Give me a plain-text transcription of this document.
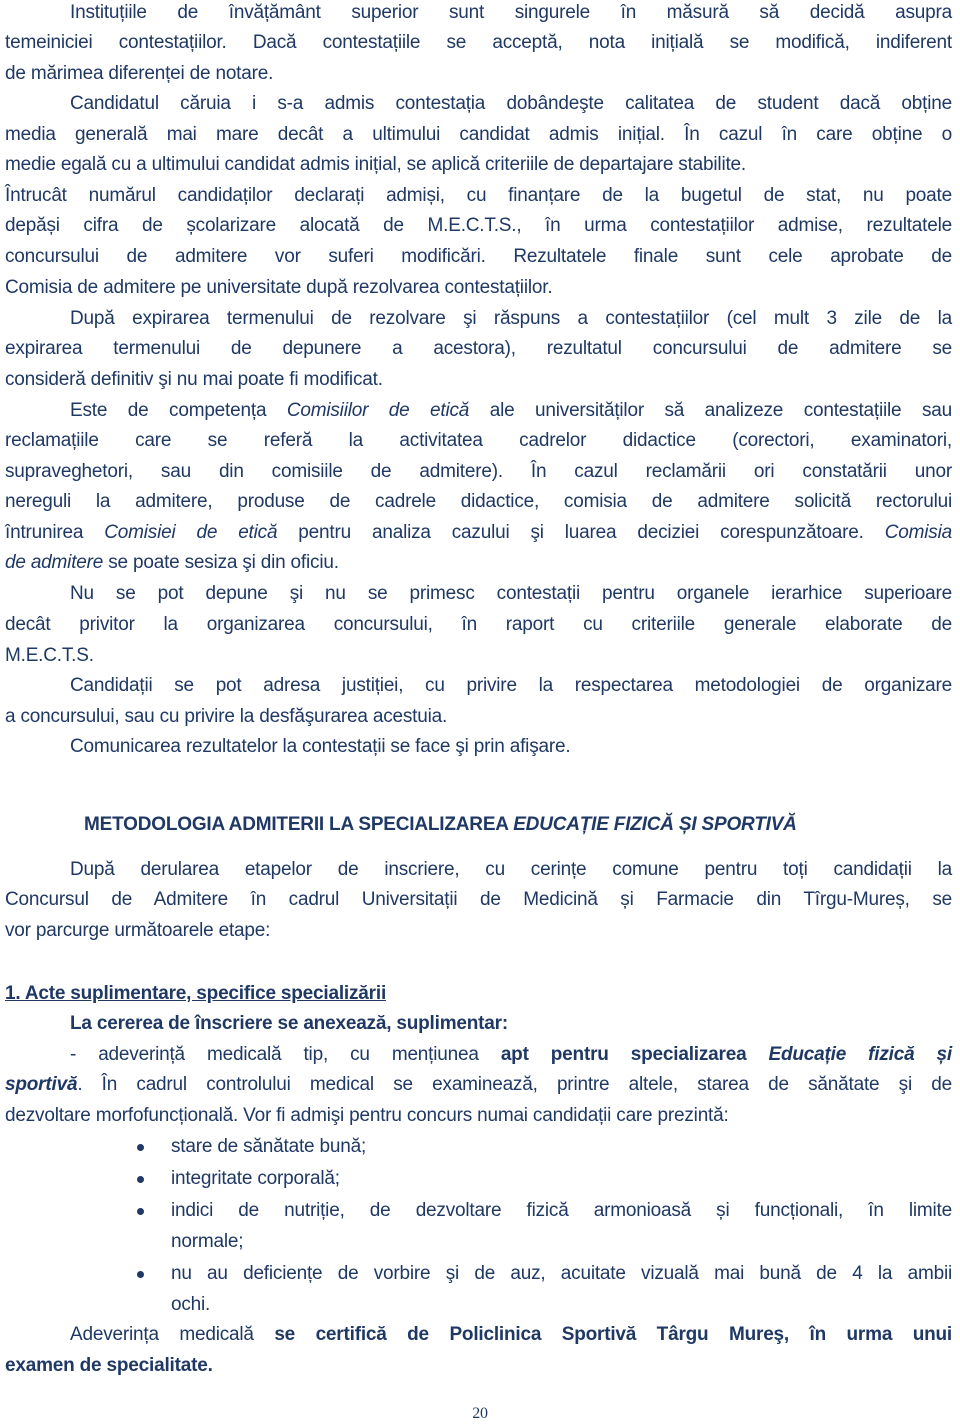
Instituțiile de învățământ superior sunt singurele în măsură să decidă asupra
temeiniciei contestațiilor. Dacă contestațiile se acceptă, nota inițială se modifică, indiferent
de mărimea diferenței de notare.
Candidatul căruia i s-a admis contestația dobândeşte calitatea de student dacă obține
media generală mai mare decât a ultimului candidat admis inițial. În cazul în care obține o
medie egală cu a ultimului candidat admis inițial, se aplică criteriile de departajare stabilite.
Întrucât numărul candidaților declarați admiși, cu finanțare de la bugetul de stat, nu poate
depăși cifra de școlarizare alocată de M.E.C.T.S., în urma contestațiilor admise, rezultatele
concursului de admitere vor suferi modificări. Rezultatele finale sunt cele aprobate de
Comisia de admitere pe universitate după rezolvarea contestațiilor.
După expirarea termenului de rezolvare şi răspuns a contestațiilor (cel mult 3 zile de la
expirarea termenului de depunere a acestora), rezultatul concursului de admitere se
consideră definitiv şi nu mai poate fi modificat.
Este de competența Comisiilor de etică ale universităților să analizeze contestațiile sau
reclamațiile care se referă la activitatea cadrelor didactice (corectori, examinatori,
supraveghetori, sau din comisiile de admitere). În cazul reclamării ori constatării unor
nereguli la admitere, produse de cadrele didactice, comisia de admitere solicită rectorului
întrunirea Comisiei de etică pentru analiza cazului şi luarea deciziei corespunzătoare. Comisia
de admitere se poate sesiza şi din oficiu.
Nu se pot depune şi nu se primesc contestații pentru organele ierarhice superioare
decât privitor la organizarea concursului, în raport cu criteriile generale elaborate de
M.E.C.T.S.
Candidații se pot adresa justiției, cu privire la respectarea metodologiei de organizare
a concursului, sau cu privire la desfăşurarea acestuia.
Comunicarea rezultatelor la contestații se face şi prin afişare.
METODOLOGIA ADMITERII LA SPECIALIZAREA EDUCAȚIE FIZICĂ ȘI SPORTIVĂ
După derularea etapelor de inscriere, cu cerințe comune pentru toți candidații la
Concursul de Admitere în cadrul Universitații de Medicină și Farmacie din Tîrgu-Mureș, se
vor parcurge următoarele etape:
1. Acte suplimentare, specifice specializării
La cererea de înscriere se anexează, suplimentar:
- adeverință medicală tip, cu mențiunea apt pentru specializarea Educație fizică și
sportivă. În cadrul controlului medical se examinează, printre altele, starea de sănătate şi de
dezvoltare morfofuncțională. Vor fi admişi pentru concurs numai candidații care prezintă:
stare de sănătate bună;
integritate corporală;
indici de nutriție, de dezvoltare fizică armonioasă și funcționali, în limite
normale;
nu au deficiențe de vorbire şi de auz, acuitate vizuală mai bună de 4 la ambii
ochi.
Adeverința medicală se certifică de Policlinica Sportivă Târgu Mureş, în urma unui
examen de specialitate.
20
